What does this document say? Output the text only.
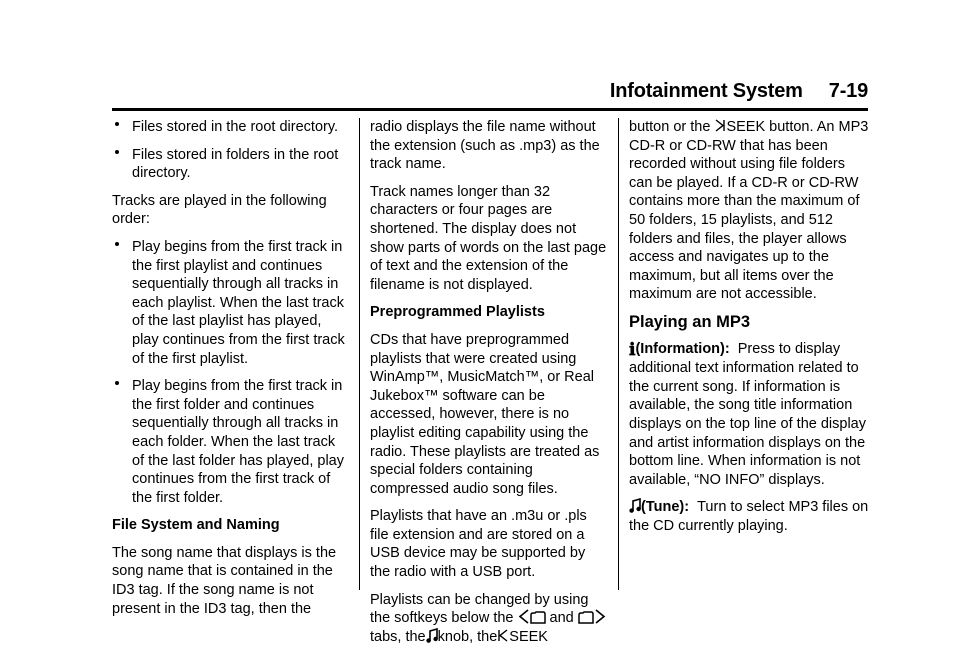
Infotainment System 7-19
Files stored in the root directory.
Files stored in folders in the root directory.

Tracks are played in the following order:

Play begins from the first track in the first playlist and continues sequentially through all tracks in each playlist. When the last track of the last playlist has played, play continues from the first track of the first playlist.
Play begins from the first track in the first folder and continues sequentially through all tracks in each folder. When the last track of the last folder has played, play continues from the first track of the first folder.
File System and Naming

The song name that displays is the song name that is contained in the ID3 tag. If the song name is not present in the ID3 tag, then the

radio displays the file name without the extension (such as .mp3) as the track name.

Track names longer than 32 characters or four pages are shortened. The display does not show parts of words on the last page of text and the extension of the filename is not displayed.

Preprogrammed Playlists

CDs that have preprogrammed playlists that were created using WinAmp™, MusicMatch™, or Real Jukebox™ software can be accessed, however, there is no playlist editing capability using the radio. These playlists are treated as special folders containing compressed audio song files.

Playlists that have an .m3u or .pls file extension and are stored on a USB device may be supported by the radio with a USB port.

Playlists can be changed by using the softkeys below the and
tabs, the knob, the SEEK

button or the SEEK button. An MP3 CD-R or CD-RW that has been recorded without using file folders can be played. If a CD-R or CD-RW contains more than the maximum of 50 folders, 15 playlists, and 512 folders and files, the player allows access and navigates up to the maximum, but all items over the maximum are not accessible.

Playing an MP3

ℹ(Information): Press to display additional text information related to the current song. If information is available, the song title information displays on the top line of the display and artist information displays on the bottom line. When information is not available, “NO INFO” displays.

(Tune): Turn to select MP3 files on the CD currently playing.
